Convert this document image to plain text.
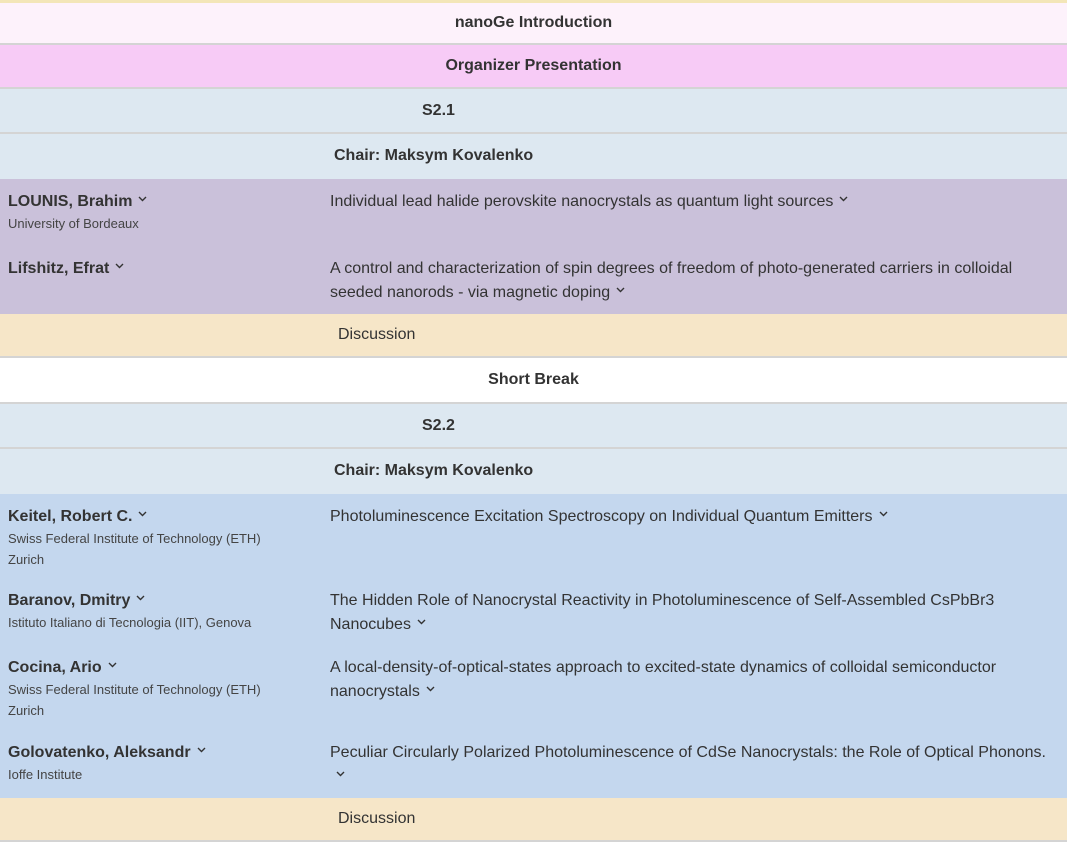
nanoGe Introduction
Organizer Presentation
S2.1
Chair: Maksym Kovalenko
LOUNIS, Brahim
University of Bordeaux
Individual lead halide perovskite nanocrystals as quantum light sources
Lifshitz, Efrat	A control and characterization of spin degrees of freedom of photo-generated carriers in colloidal seeded nanorods - via magnetic doping
Discussion
Short Break
S2.2
Chair: Maksym Kovalenko
Keitel, Robert C.
Swiss Federal Institute of Technology (ETH) Zurich
Photoluminescence Excitation Spectroscopy on Individual Quantum Emitters
Baranov, Dmitry
Istituto Italiano di Tecnologia (IIT), Genova
The Hidden Role of Nanocrystal Reactivity in Photoluminescence of Self-Assembled CsPbBr3 Nanocubes
Cocina, Ario
Swiss Federal Institute of Technology (ETH) Zurich
A local-density-of-optical-states approach to excited-state dynamics of colloidal semiconductor nanocrystals
Golovatenko, Aleksandr
Ioffe Institute
Peculiar Circularly Polarized Photoluminescence of CdSe Nanocrystals: the Role of Optical Phonons.
Discussion
